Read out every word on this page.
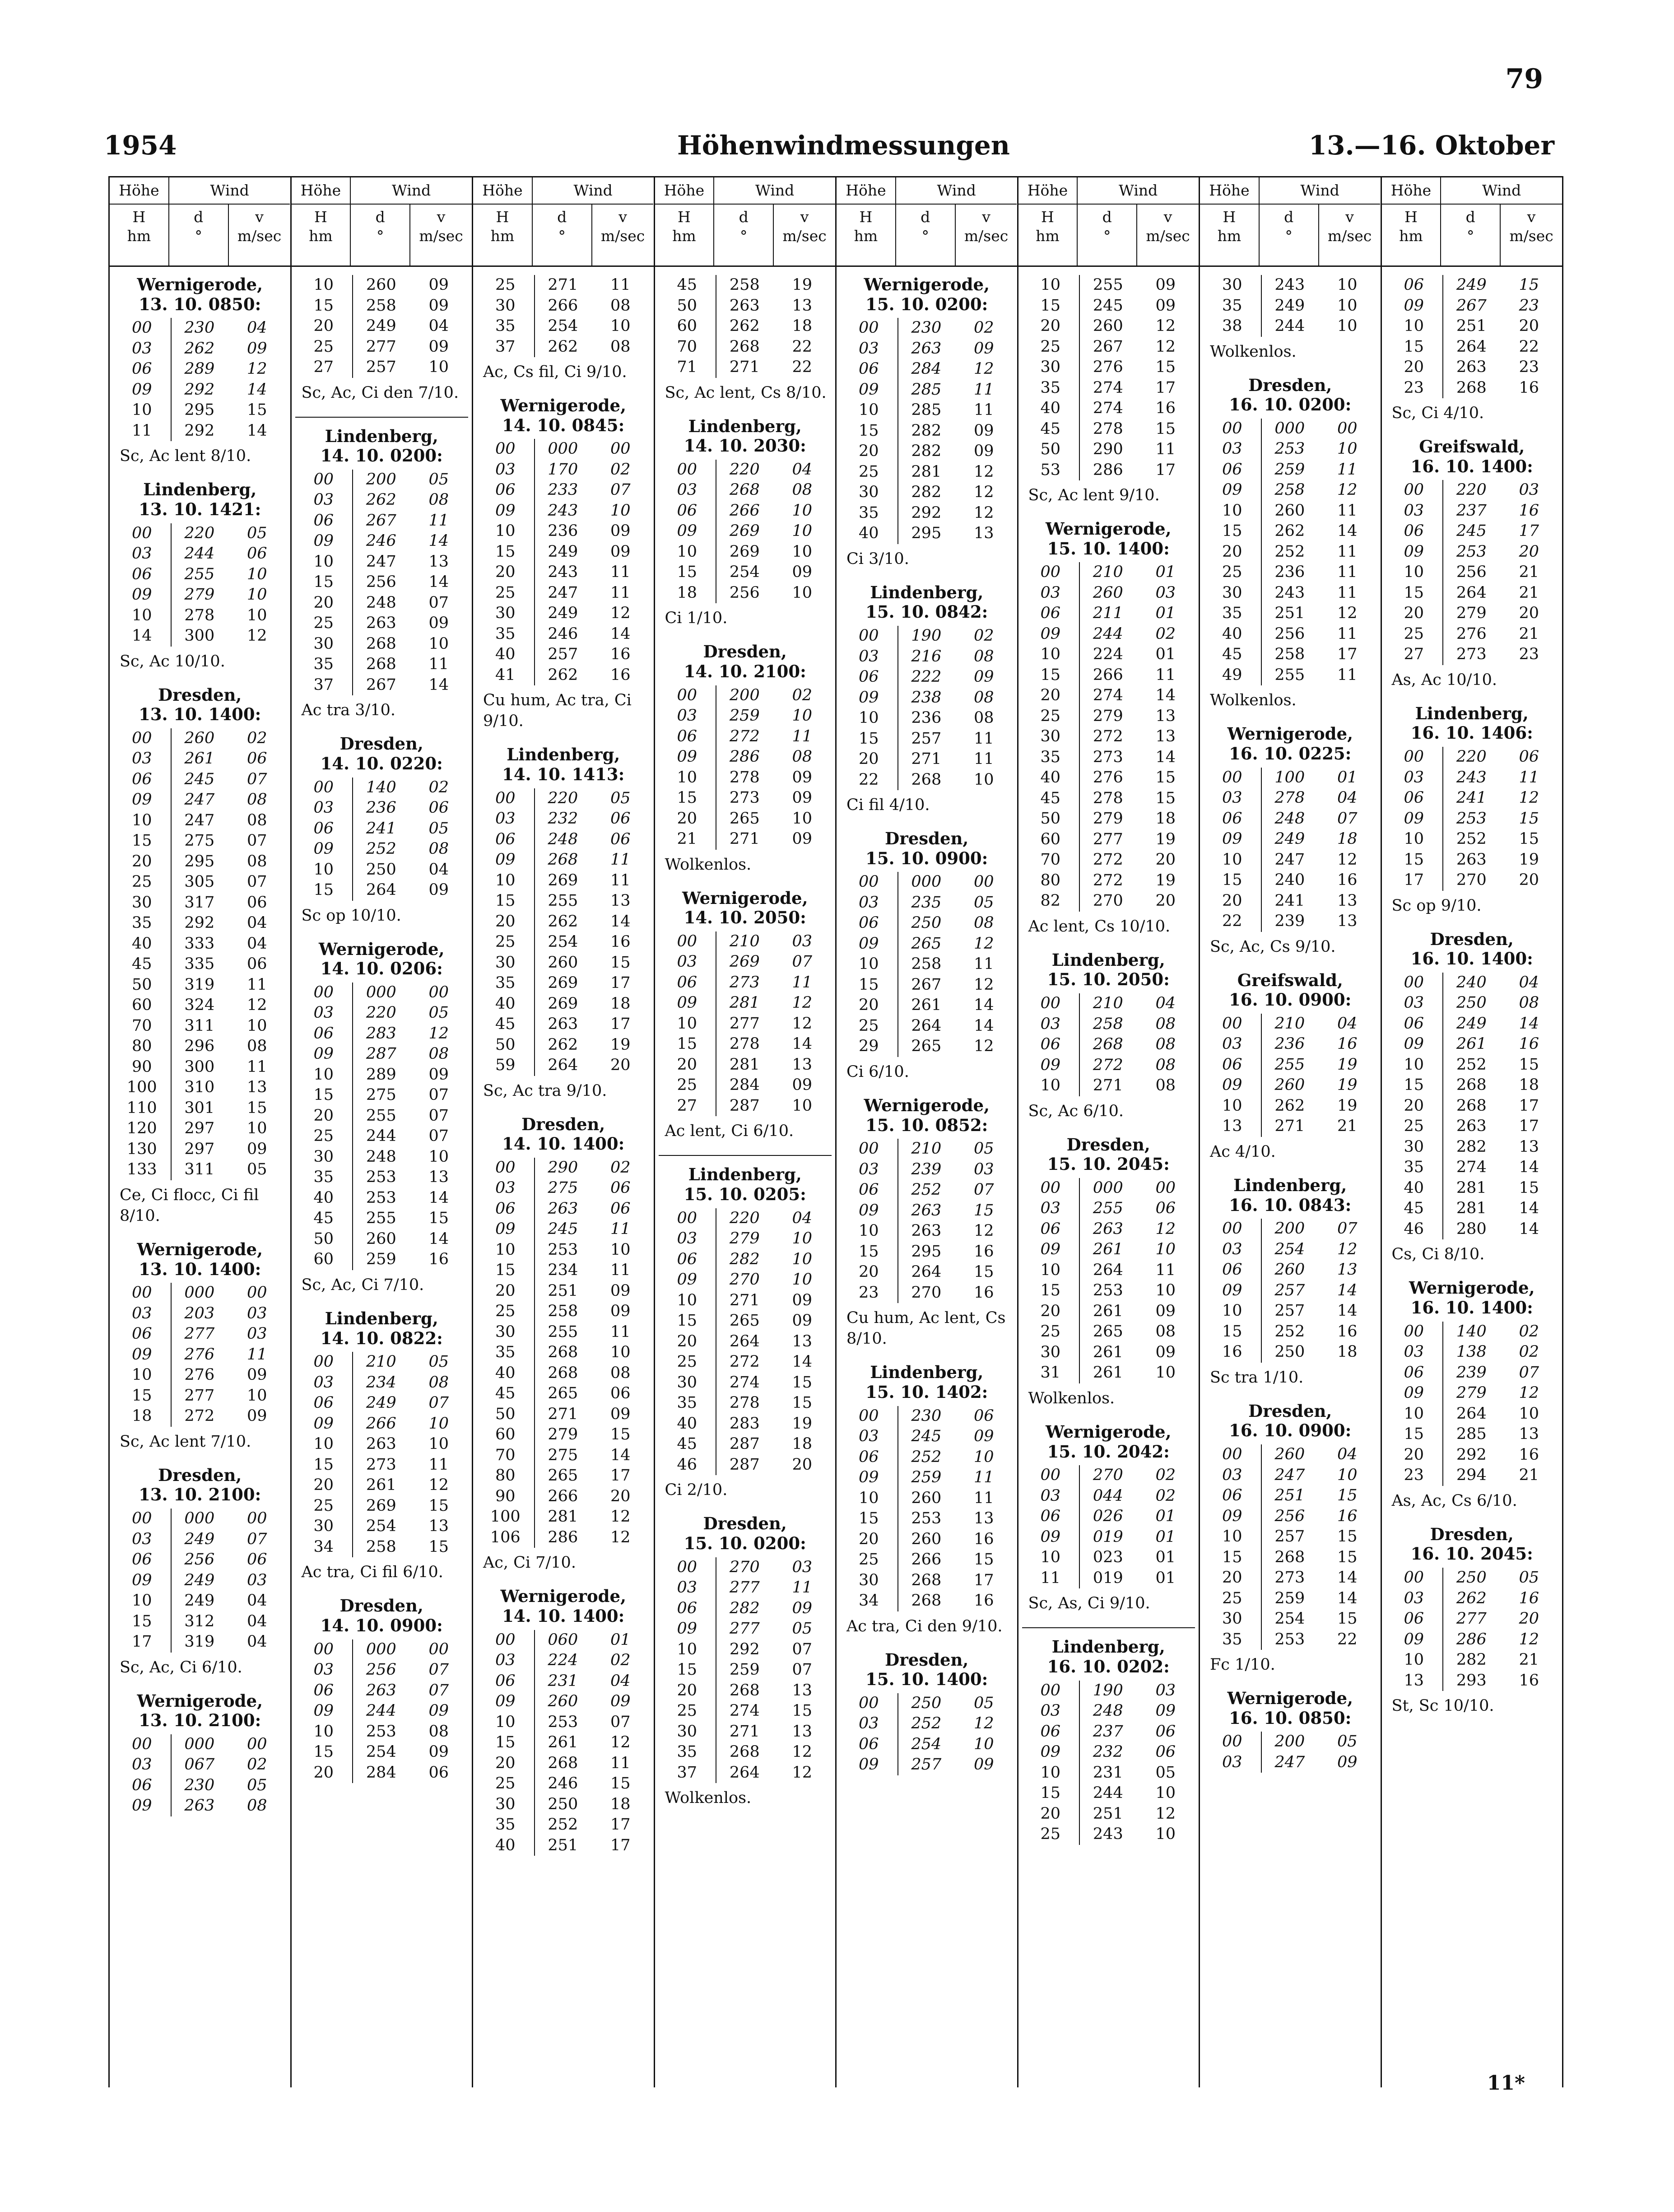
79
1954	Höhenwindmessungen	13.—16. Oktober
Höhe	Wind
H
hm
d
°
v
m/sec
Wernigerode,
13. 10. 0850:
00	230	04
03	262	09
06	289	12
09	292	14
10	295	15
11	292	14
Sc, Ac lent 8/10.
Lindenberg,
13. 10. 1421:
00	220	05
03	244	06
06	255	10
09	279	10
10	278	10
14	300	12
Sc, Ac 10/10.
Dresden,
13. 10. 1400:
00	260	02
03	261	06
06	245	07
09	247	08
10	247	08
15	275	07
20	295	08
25	305	07
30	317	06
35	292	04
40	333	04
45	335	06
50	319	11
60	324	12
70	311	10
80	296	08
90	300	11
100	310	13
110	301	15
120	297	10
130	297	09
133	311	05
Ce, Ci flocc, Ci fil 8/10.
Wernigerode,
13. 10. 1400:
00	000	00
03	203	03
06	277	03
09	276	11
10	276	09
15	277	10
18	272	09
Sc, Ac lent 7/10.
Dresden,
13. 10. 2100:
00	000	00
03	249	07
06	256	06
09	249	03
10	249	04
15	312	04
17	319	04
Sc, Ac, Ci 6/10.
Wernigerode,
13. 10. 2100:
00	000	00
03	067	02
06	230	05
09	263	08
Höhe	Wind
H
hm
d
°
v
m/sec
10	260	09
15	258	09
20	249	04
25	277	09
27	257	10
Sc, Ac, Ci den 7/10.
Lindenberg,
14. 10. 0200:
00	200	05
03	262	08
06	267	11
09	246	14
10	247	13
15	256	14
20	248	07
25	263	09
30	268	10
35	268	11
37	267	14
Ac tra 3/10.
Dresden,
14. 10. 0220:
00	140	02
03	236	06
06	241	05
09	252	08
10	250	04
15	264	09
Sc op 10/10.
Wernigerode,
14. 10. 0206:
00	000	00
03	220	05
06	283	12
09	287	08
10	289	09
15	275	07
20	255	07
25	244	07
30	248	10
35	253	13
40	253	14
45	255	15
50	260	14
60	259	16
Sc, Ac, Ci 7/10.
Lindenberg,
14. 10. 0822:
00	210	05
03	234	08
06	249	07
09	266	10
10	263	10
15	273	11
20	261	12
25	269	15
30	254	13
34	258	15
Ac tra, Ci fil 6/10.
Dresden,
14. 10. 0900:
00	000	00
03	256	07
06	263	07
09	244	09
10	253	08
15	254	09
20	284	06
Höhe	Wind
H
hm
d
°
v
m/sec
25	271	11
30	266	08
35	254	10
37	262	08
Ac, Cs fil, Ci 9/10.
Wernigerode,
14. 10. 0845:
00	000	00
03	170	02
06	233	07
09	243	10
10	236	09
15	249	09
20	243	11
25	247	11
30	249	12
35	246	14
40	257	16
41	262	16
Cu hum, Ac tra, Ci 9/10.
Lindenberg,
14. 10. 1413:
00	220	05
03	232	06
06	248	06
09	268	11
10	269	11
15	255	13
20	262	14
25	254	16
30	260	15
35	269	17
40	269	18
45	263	17
50	262	19
59	264	20
Sc, Ac tra 9/10.
Dresden,
14. 10. 1400:
00	290	02
03	275	06
06	263	06
09	245	11
10	253	10
15	234	11
20	251	09
25	258	09
30	255	11
35	268	10
40	268	08
45	265	06
50	271	09
60	279	15
70	275	14
80	265	17
90	266	20
100	281	12
106	286	12
Ac, Ci 7/10.
Wernigerode,
14. 10. 1400:
00	060	01
03	224	02
06	231	04
09	260	09
10	253	07
15	261	12
20	268	11
25	246	15
30	250	18
35	252	17
40	251	17
Höhe	Wind
H
hm
d
°
v
m/sec
45	258	19
50	263	13
60	262	18
70	268	22
71	271	22
Sc, Ac lent, Cs 8/10.
Lindenberg,
14. 10. 2030:
00	220	04
03	268	08
06	266	10
09	269	10
10	269	10
15	254	09
18	256	10
Ci 1/10.
Dresden,
14. 10. 2100:
00	200	02
03	259	10
06	272	11
09	286	08
10	278	09
15	273	09
20	265	10
21	271	09
Wolkenlos.
Wernigerode,
14. 10. 2050:
00	210	03
03	269	07
06	273	11
09	281	12
10	277	12
15	278	14
20	281	13
25	284	09
27	287	10
Ac lent, Ci 6/10.
Lindenberg,
15. 10. 0205:
00	220	04
03	279	10
06	282	10
09	270	10
10	271	09
15	265	09
20	264	13
25	272	14
30	274	15
35	278	15
40	283	19
45	287	18
46	287	20
Ci 2/10.
Dresden,
15. 10. 0200:
00	270	03
03	277	11
06	282	09
09	277	05
10	292	07
15	259	07
20	268	13
25	274	15
30	271	13
35	268	12
37	264	12
Wolkenlos.
Höhe	Wind
H
hm
d
°
v
m/sec
Wernigerode,
15. 10. 0200:
00	230	02
03	263	09
06	284	12
09	285	11
10	285	11
15	282	09
20	282	09
25	281	12
30	282	12
35	292	12
40	295	13
Ci 3/10.
Lindenberg,
15. 10. 0842:
00	190	02
03	216	08
06	222	09
09	238	08
10	236	08
15	257	11
20	271	11
22	268	10
Ci fil 4/10.
Dresden,
15. 10. 0900:
00	000	00
03	235	05
06	250	08
09	265	12
10	258	11
15	267	12
20	261	14
25	264	14
29	265	12
Ci 6/10.
Wernigerode,
15. 10. 0852:
00	210	05
03	239	03
06	252	07
09	263	15
10	263	12
15	295	16
20	264	15
23	270	16
Cu hum, Ac lent, Cs 8/10.
Lindenberg,
15. 10. 1402:
00	230	06
03	245	09
06	252	10
09	259	11
10	260	11
15	253	13
20	260	16
25	266	15
30	268	17
34	268	16
Ac tra, Ci den 9/10.
Dresden,
15. 10. 1400:
00	250	05
03	252	12
06	254	10
09	257	09
Höhe	Wind
H
hm
d
°
v
m/sec
10	255	09
15	245	09
20	260	12
25	267	12
30	276	15
35	274	17
40	274	16
45	278	15
50	290	11
53	286	17
Sc, Ac lent 9/10.
Wernigerode,
15. 10. 1400:
00	210	01
03	260	03
06	211	01
09	244	02
10	224	01
15	266	11
20	274	14
25	279	13
30	272	13
35	273	14
40	276	15
45	278	15
50	279	18
60	277	19
70	272	20
80	272	19
82	270	20
Ac lent, Cs 10/10.
Lindenberg,
15. 10. 2050:
00	210	04
03	258	08
06	268	08
09	272	08
10	271	08
Sc, Ac 6/10.
Dresden,
15. 10. 2045:
00	000	00
03	255	06
06	263	12
09	261	10
10	264	11
15	253	10
20	261	09
25	265	08
30	261	09
31	261	10
Wolkenlos.
Wernigerode,
15. 10. 2042:
00	270	02
03	044	02
06	026	01
09	019	01
10	023	01
11	019	01
Sc, As, Ci 9/10.
Lindenberg,
16. 10. 0202:
00	190	03
03	248	09
06	237	06
09	232	06
10	231	05
15	244	10
20	251	12
25	243	10
Höhe	Wind
H
hm
d
°
v
m/sec
30	243	10
35	249	10
38	244	10
Wolkenlos.
Dresden,
16. 10. 0200:
00	000	00
03	253	10
06	259	11
09	258	12
10	260	11
15	262	14
20	252	11
25	236	11
30	243	11
35	251	12
40	256	11
45	258	17
49	255	11
Wolkenlos.
Wernigerode,
16. 10. 0225:
00	100	01
03	278	04
06	248	07
09	249	18
10	247	12
15	240	16
20	241	13
22	239	13
Sc, Ac, Cs 9/10.
Greifswald,
16. 10. 0900:
00	210	04
03	236	16
06	255	19
09	260	19
10	262	19
13	271	21
Ac 4/10.
Lindenberg,
16. 10. 0843:
00	200	07
03	254	12
06	260	13
09	257	14
10	257	14
15	252	16
16	250	18
Sc tra 1/10.
Dresden,
16. 10. 0900:
00	260	04
03	247	10
06	251	15
09	256	16
10	257	15
15	268	15
20	273	14
25	259	14
30	254	15
35	253	22
Fc 1/10.
Wernigerode,
16. 10. 0850:
00	200	05
03	247	09
Höhe	Wind
H
hm
d
°
v
m/sec
06	249	15
09	267	23
10	251	20
15	264	22
20	263	23
23	268	16
Sc, Ci 4/10.
Greifswald,
16. 10. 1400:
00	220	03
03	237	16
06	245	17
09	253	20
10	256	21
15	264	21
20	279	20
25	276	21
27	273	23
As, Ac 10/10.
Lindenberg,
16. 10. 1406:
00	220	06
03	243	11
06	241	12
09	253	15
10	252	15
15	263	19
17	270	20
Sc op 9/10.
Dresden,
16. 10. 1400:
00	240	04
03	250	08
06	249	14
09	261	16
10	252	15
15	268	18
20	268	17
25	263	17
30	282	13
35	274	14
40	281	15
45	281	14
46	280	14
Cs, Ci 8/10.
Wernigerode,
16. 10. 1400:
00	140	02
03	138	02
06	239	07
09	279	12
10	264	10
15	285	13
20	292	16
23	294	21
As, Ac, Cs 6/10.
Dresden,
16. 10. 2045:
00	250	05
03	262	16
06	277	20
09	286	12
10	282	21
13	293	16
St, Sc 10/10.
11*
